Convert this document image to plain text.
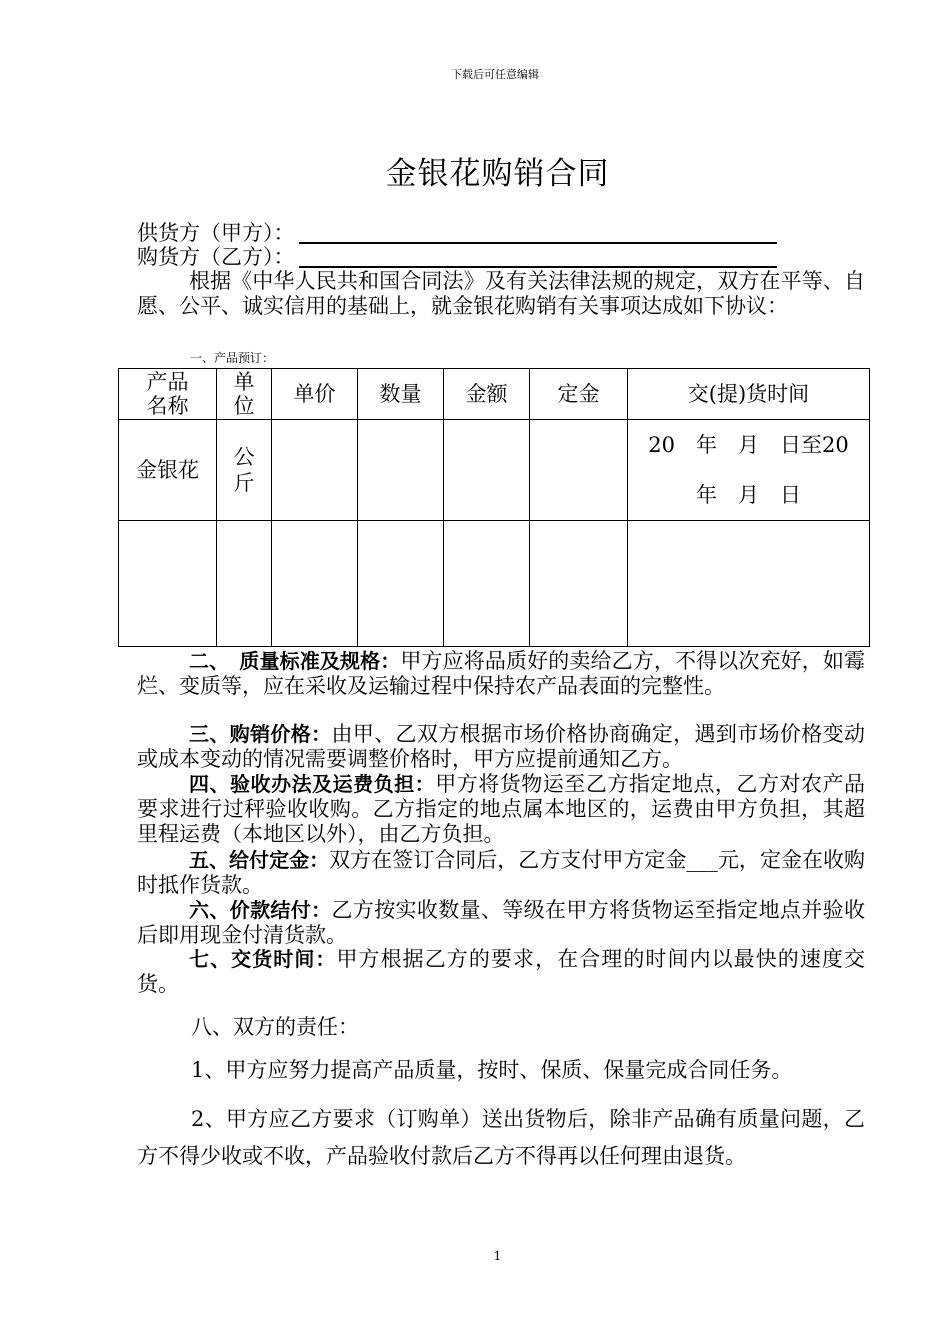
下载后可任意编辑
金银花购销合同
供货方（甲方）：
购货方（乙方）：
根据《中华人民共和国合同法》及有关法律法规的规定，双方在平等、自愿、公平、诚实信用的基础上，就金银花购销有关事项达成如下协议：
一、产品预订：
产品名称	单位	单价	数量	金额	定金	交(提)货时间
金银花	公斤					20　年　月　日至20
年　月　日

二、　质量标准及规格：甲方应将品质好的卖给乙方，不得以次充好，如霉烂、变质等，应在采收及运输过程中保持农产品表面的完整性。
三、购销价格：由甲、乙双方根据市场价格协商确定，遇到市场价格变动或成本变动的情况需要调整价格时，甲方应提前通知乙方。
四、验收办法及运费负担：甲方将货物运至乙方指定地点，乙方对农产品要求进行过秤验收收购。乙方指定的地点属本地区的，运费由甲方负担，其超里程运费（本地区以外），由乙方负担。
五、给付定金：双方在签订合同后，乙方支付甲方定金___元，定金在收购时抵作货款。
六、价款结付：乙方按实收数量、等级在甲方将货物运至指定地点并验收后即用现金付清货款。
七、交货时间：甲方根据乙方的要求，在合理的时间内以最快的速度交货。
八、双方的责任：
1、甲方应努力提高产品质量，按时、保质、保量完成合同任务。
2、甲方应乙方要求（订购单）送出货物后，除非产品确有质量问题，乙方不得少收或不收，产品验收付款后乙方不得再以任何理由退货。
1
